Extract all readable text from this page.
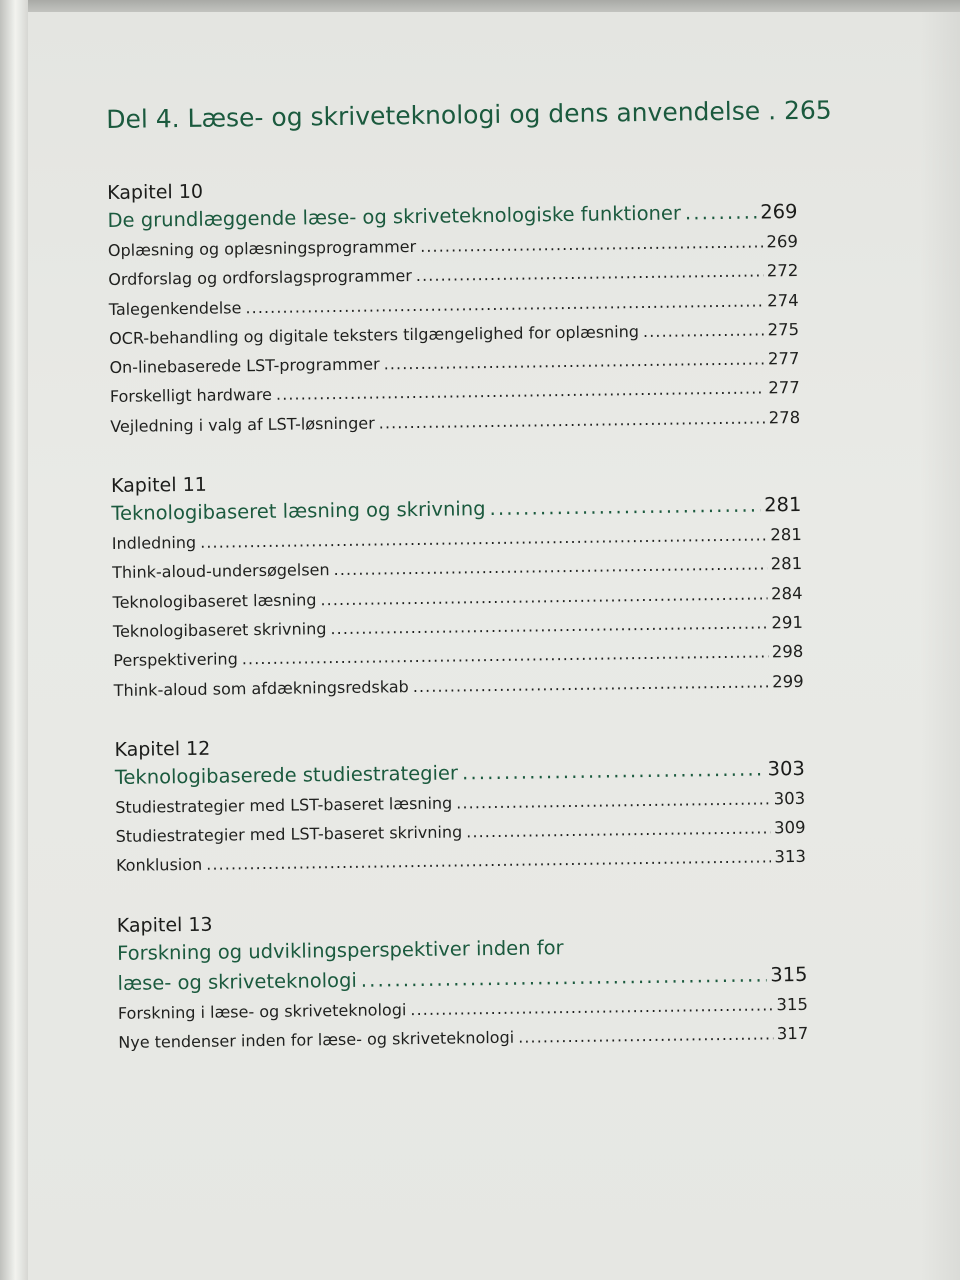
Del 4. Læse- og skriveteknologi og dens anvendelse . 265
Kapitel 10
De grundlæggende læse- og skriveteknologiske funktioner . . .	269
Oplæsning og oplæsningsprogrammer . . .	269
Ordforslag og ordforslagsprogrammer . . .	272
Talegenkendelse . . .	274
OCR-behandling og digitale teksters tilgængelighed for oplæsning . . .	275
On-linebaserede LST-programmer . . .	277
Forskelligt hardware . . .	277
Vejledning i valg af LST-løsninger . . .	278
Kapitel 11
Teknologibaseret læsning og skrivning . . .	281
Indledning . . .	281
Think-aloud-undersøgelsen . . .	281
Teknologibaseret læsning . . .	284
Teknologibaseret skrivning . . .	291
Perspektivering . . .	298
Think-aloud som afdækningsredskab . . .	299
Kapitel 12
Teknologibaserede studiestrategier . . .	303
Studiestrategier med LST-baseret læsning . . .	303
Studiestrategier med LST-baseret skrivning . . .	309
Konklusion . . .	313
Kapitel 13
Forskning og udviklingsperspektiver inden for
læse- og skriveteknologi . . .	315
Forskning i læse- og skriveteknologi . . .	315
Nye tendenser inden for læse- og skriveteknologi . . .	317
